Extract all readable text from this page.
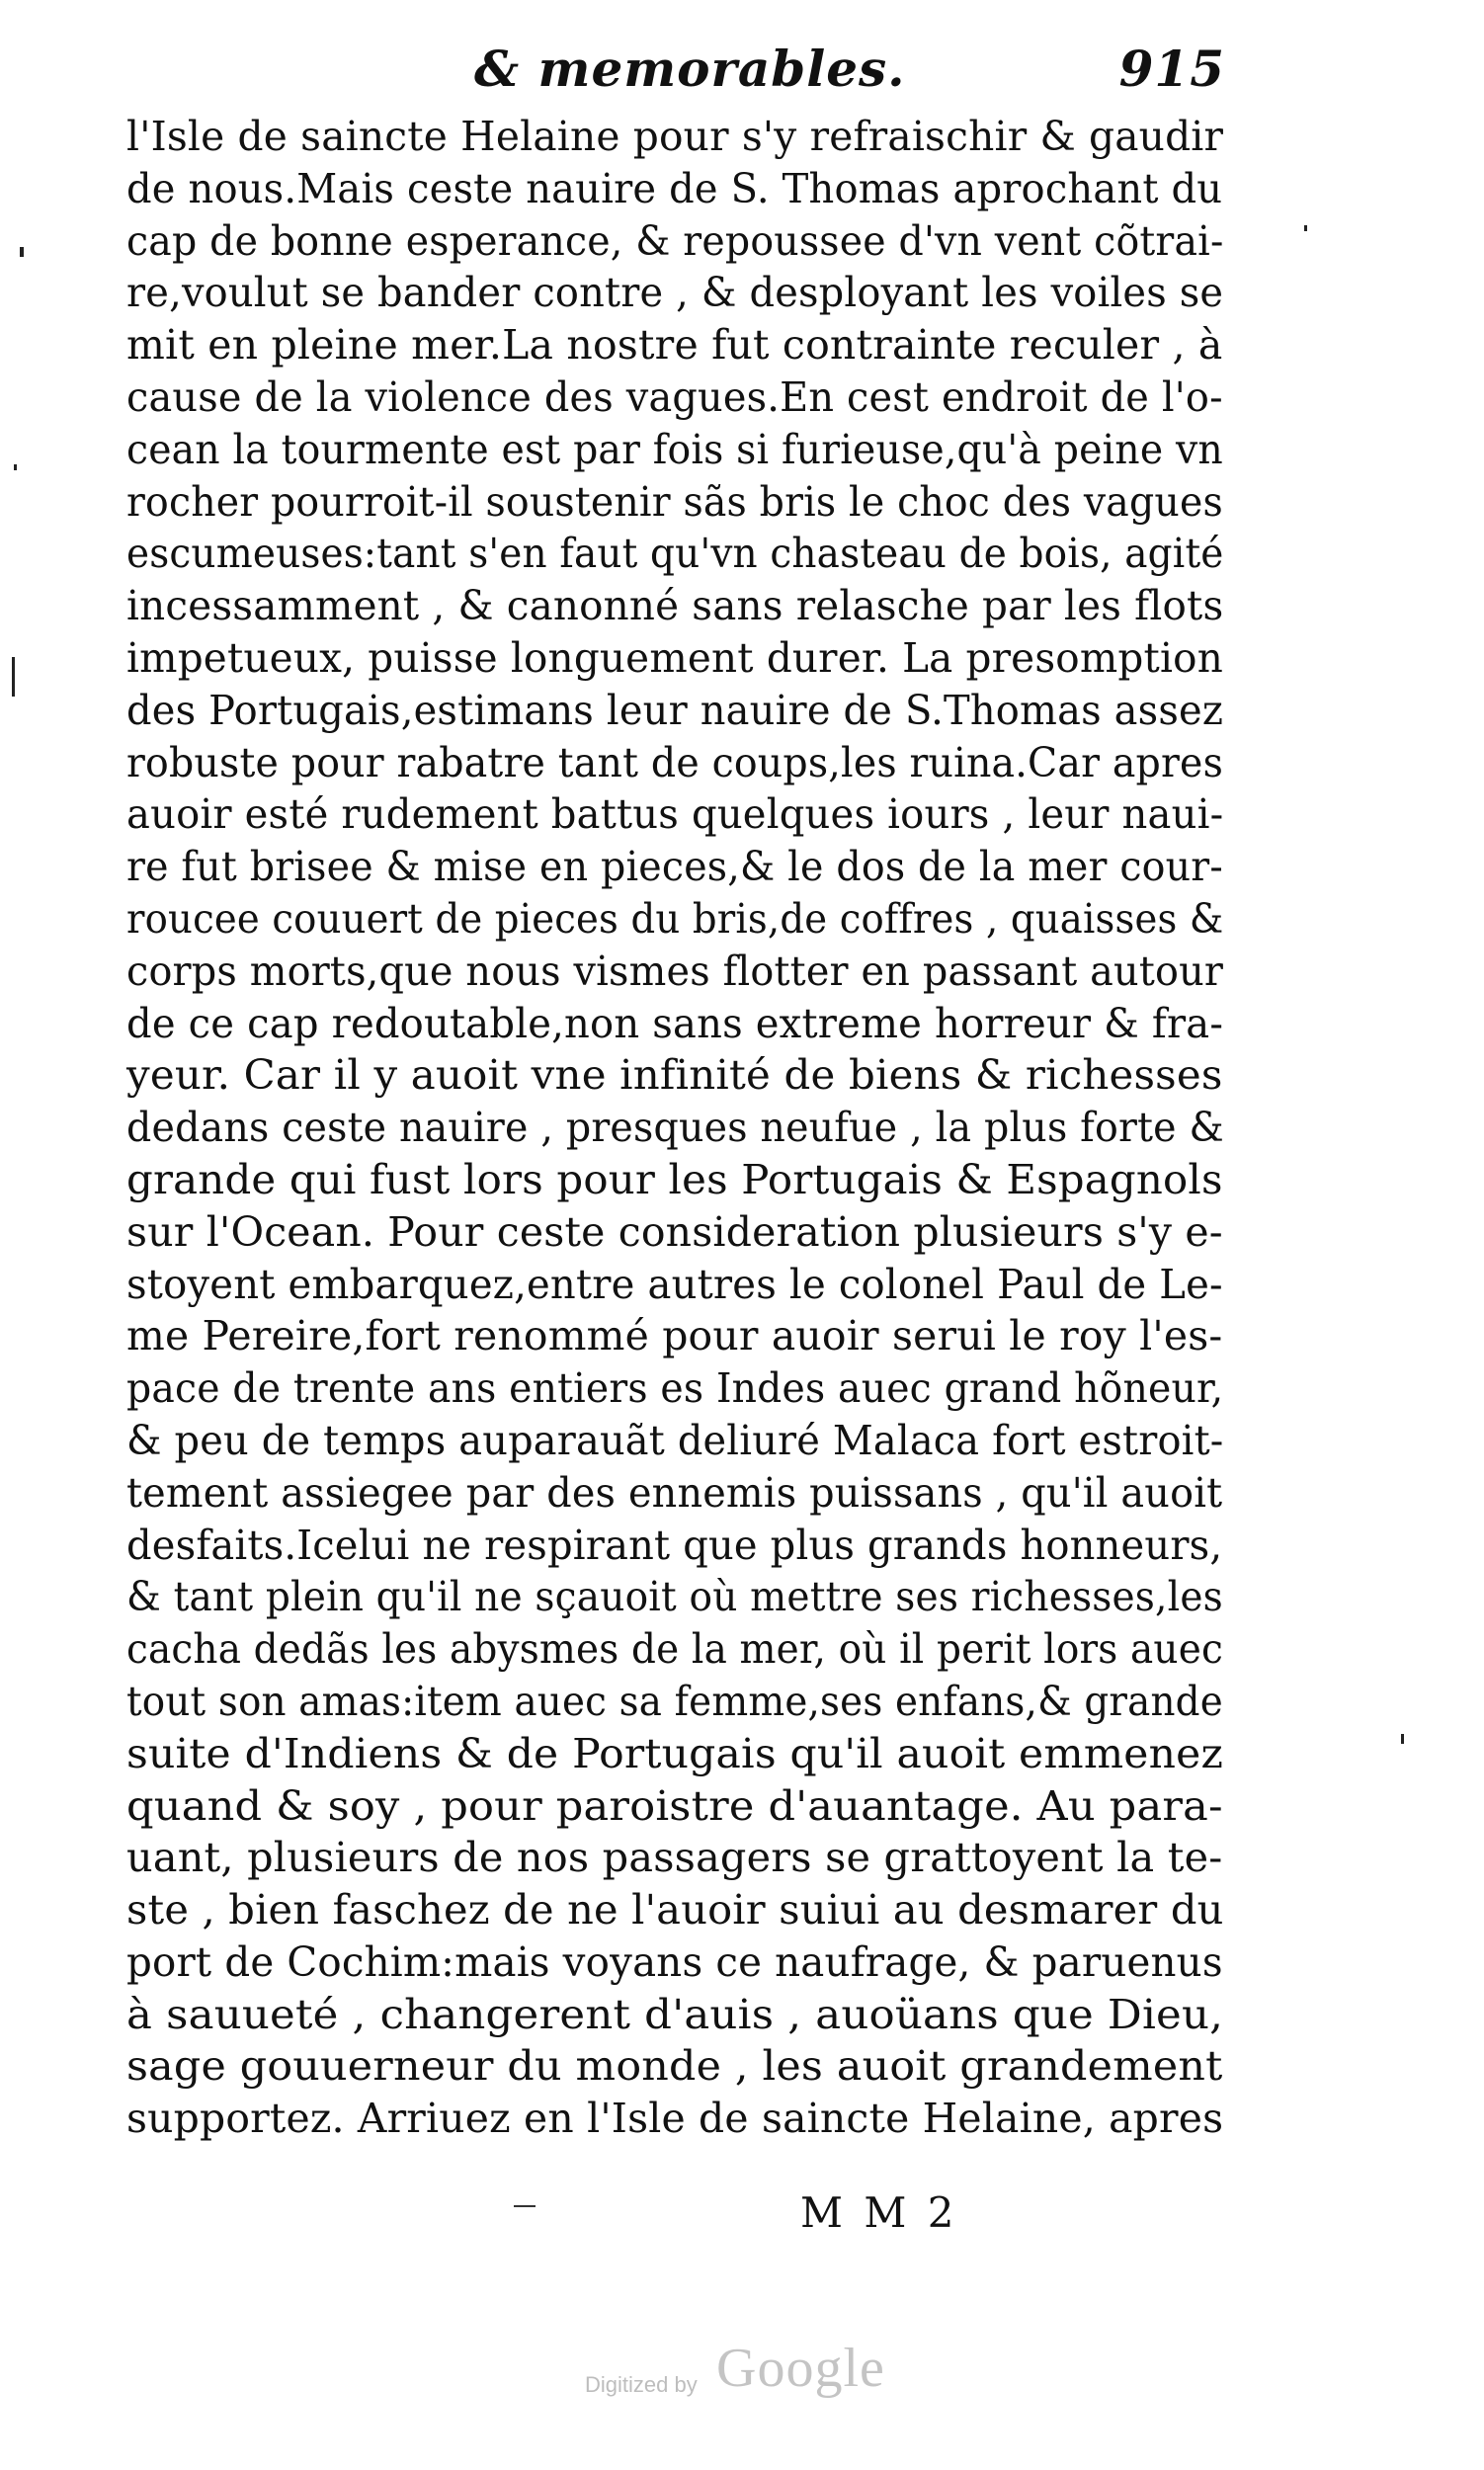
& memorables.	915
l'Isle de saincte Helaine pour s'y refraischir & gaudir
de nous.Mais ceste nauire de S. Thomas aprochant du
cap de bonne esperance, & repoussee d'vn vent cõtrai-
re,voulut se bander contre , & desployant les voiles se
mit en pleine mer.La nostre fut contrainte reculer , à
cause de la violence des vagues.En cest endroit de l'o-
cean la tourmente est par fois si furieuse,qu'à peine vn
rocher pourroit-il soustenir sãs bris le choc des vagues
escumeuses:tant s'en faut qu'vn chasteau de bois, agité
incessamment , & canonné sans relasche par les flots
impetueux, puisse longuement durer. La presomption
des Portugais,estimans leur nauire de S.Thomas assez
robuste pour rabatre tant de coups,les ruina.Car apres
auoir esté rudement battus quelques iours , leur naui-
re fut brisee & mise en pieces,& le dos de la mer cour-
roucee couuert de pieces du bris,de coffres , quaisses &
corps morts,que nous vismes flotter en passant autour
de ce cap redoutable,non sans extreme horreur & fra-
yeur. Car il y auoit vne infinité de biens & richesses
dedans ceste nauire , presques neufue , la plus forte &
grande qui fust lors pour les Portugais & Espagnols
sur l'Ocean. Pour ceste consideration plusieurs s'y e-
stoyent embarquez,entre autres le colonel Paul de Le-
me Pereire,fort renommé pour auoir serui le roy l'es-
pace de trente ans entiers es Indes auec grand hõneur,
& peu de temps auparauãt deliuré Malaca fort estroit-
tement assiegee par des ennemis puissans , qu'il auoit
desfaits.Icelui ne respirant que plus grands honneurs,
& tant plein qu'il ne sçauoit où mettre ses richesses,les
cacha dedãs les abysmes de la mer, où il perit lors auec
tout son amas:item auec sa femme,ses enfans,& grande
suite d'Indiens & de Portugais qu'il auoit emmenez
quand & soy , pour paroistre d'auantage. Au para-
uant, plusieurs de nos passagers se grattoyent la te-
ste , bien faschez de ne l'auoir suiui au desmarer du
port de Cochim:mais voyans ce naufrage, & paruenus
à sauueté , changerent d'auis , auoüans que Dieu,
sage gouuerneur du monde , les auoit grandement
supportez. Arriuez en l'Isle de saincte Helaine, apres
M M 2
Digitized by Google
